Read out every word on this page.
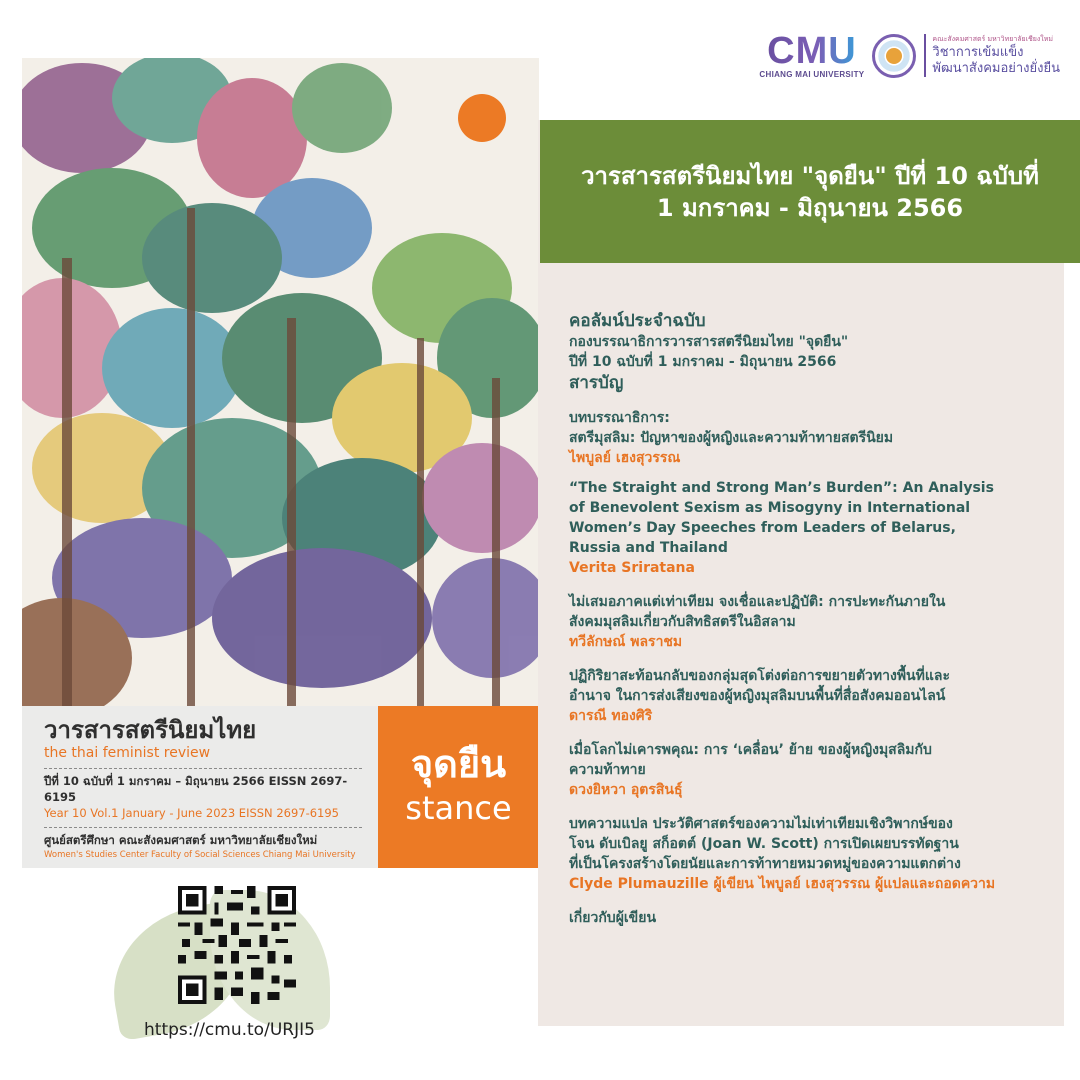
CMU
CHIANG MAI UNIVERSITY
คณะสังคมศาสตร์ มหาวิทยาลัยเชียงใหม่
วิชาการเข้มแข็ง
พัฒนาสังคมอย่างยั่งยืน
วารสารสตรีนิยมไทย
the thai feminist review
ปีที่ 10 ฉบับที่ 1 มกราคม – มิถุนายน 2566 EISSN 2697-6195
Year 10 Vol.1 January - June 2023 EISSN 2697-6195
ศูนย์สตรีศึกษา คณะสังคมศาสตร์ มหาวิทยาลัยเชียงใหม่
Women's Studies Center Faculty of Social Sciences Chiang Mai University
จุดยืน
stance
https://cmu.to/URJI5
วารสารสตรีนิยมไทย "จุดยืน" ปีที่ 10 ฉบับที่
1 มกราคม - มิถุนายน 2566
คอลัมน์ประจำฉบับ
กองบรรณาธิการวารสารสตรีนิยมไทย "จุดยืน"
ปีที่ 10 ฉบับที่ 1 มกราคม - มิถุนายน 2566
สารบัญ
บทบรรณาธิการ:
สตรีมุสลิม: ปัญหาของผู้หญิงและความท้าทายสตรีนิยม
ไพบูลย์ เฮงสุวรรณ
“The Straight and Strong Man’s Burden”: An Analysis
of Benevolent Sexism as Misogyny in International
Women’s Day Speeches from Leaders of Belarus,
Russia and Thailand
Verita Sriratana
ไม่เสมอภาคแต่เท่าเทียม จงเชื่อและปฏิบัติ: การปะทะกันภายใน
สังคมมุสลิมเกี่ยวกับสิทธิสตรีในอิสลาม
ทวีลักษณ์ พลราชม
ปฏิกิริยาสะท้อนกลับของกลุ่มสุดโต่งต่อการขยายตัวทางพื้นที่และ
อำนาจ ในการส่งเสียงของผู้หญิงมุสลิมบนพื้นที่สื่อสังคมออนไลน์
ดารณี ทองศิริ
เมื่อโลกไม่เคารพคุณ: การ ‘เคลื่อน’ ย้าย ของผู้หญิงมุสลิมกับ
ความท้าทาย
ดวงยิหวา อุตรสินธุ์
บทความแปล ประวัติศาสตร์ของความไม่เท่าเทียมเชิงวิพากษ์ของ
โจน ดับเบิลยู สก็อตต์ (Joan W. Scott) การเปิดเผยบรรทัดฐาน
ที่เป็นโครงสร้างโดยนัยและการท้าทายหมวดหมู่ของความแตกต่าง
Clyde Plumauzille ผู้เขียน ไพบูลย์ เฮงสุวรรณ ผู้แปลและถอดความ
เกี่ยวกับผู้เขียน
